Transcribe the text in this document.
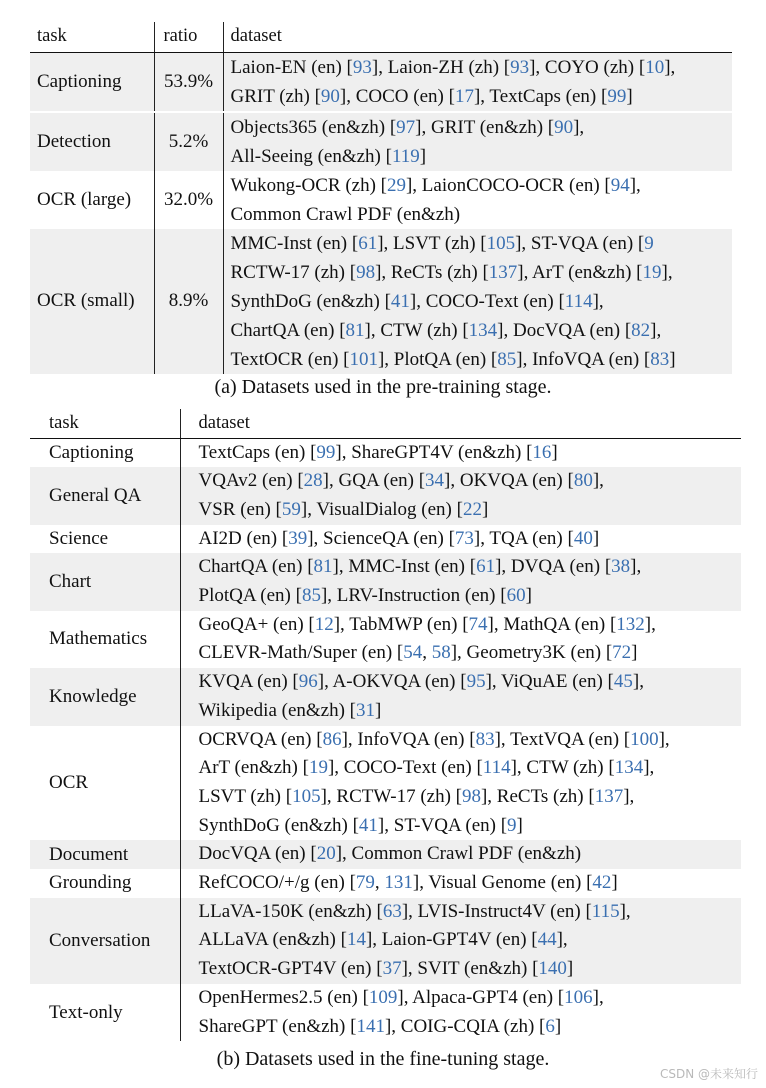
task	ratio	dataset
Captioning	53.9%	Laion-EN (en) [93], Laion-ZH (zh) [93], COYO (zh) [10],
GRIT (zh) [90], COCO (en) [17], TextCaps (en) [99]
Detection	5.2%	Objects365 (en&zh) [97], GRIT (en&zh) [90],
All-Seeing (en&zh) [119]
OCR (large)	32.0%	Wukong-OCR (zh) [29], LaionCOCO-OCR (en) [94],
Common Crawl PDF (en&zh)
OCR (small)	8.9%	MMC-Inst (en) [61], LSVT (zh) [105], ST-VQA (en) [9
RCTW-17 (zh) [98], ReCTs (zh) [137], ArT (en&zh) [19],
SynthDoG (en&zh) [41], COCO-Text (en) [114],
ChartQA (en) [81], CTW (zh) [134], DocVQA (en) [82],
TextOCR (en) [101], PlotQA (en) [85], InfoVQA (en) [83]
(a) Datasets used in the pre-training stage.
task	dataset
Captioning	TextCaps (en) [99], ShareGPT4V (en&zh) [16]
General QA	VQAv2 (en) [28], GQA (en) [34], OKVQA (en) [80],
VSR (en) [59], VisualDialog (en) [22]
Science	AI2D (en) [39], ScienceQA (en) [73], TQA (en) [40]
Chart	ChartQA (en) [81], MMC-Inst (en) [61], DVQA (en) [38],
PlotQA (en) [85], LRV-Instruction (en) [60]
Mathematics	GeoQA+ (en) [12], TabMWP (en) [74], MathQA (en) [132],
CLEVR-Math/Super (en) [54, 58], Geometry3K (en) [72]
Knowledge	KVQA (en) [96], A-OKVQA (en) [95], ViQuAE (en) [45],
Wikipedia (en&zh) [31]
OCR	OCRVQA (en) [86], InfoVQA (en) [83], TextVQA (en) [100],
ArT (en&zh) [19], COCO-Text (en) [114], CTW (zh) [134],
LSVT (zh) [105], RCTW-17 (zh) [98], ReCTs (zh) [137],
SynthDoG (en&zh) [41], ST-VQA (en) [9]
Document	DocVQA (en) [20], Common Crawl PDF (en&zh)
Grounding	RefCOCO/+/g (en) [79, 131], Visual Genome (en) [42]
Conversation	LLaVA-150K (en&zh) [63], LVIS-Instruct4V (en) [115],
ALLaVA (en&zh) [14], Laion-GPT4V (en) [44],
TextOCR-GPT4V (en) [37], SVIT (en&zh) [140]
Text-only	OpenHermes2.5 (en) [109], Alpaca-GPT4 (en) [106],
ShareGPT (en&zh) [141], COIG-CQIA (zh) [6]
(b) Datasets used in the fine-tuning stage.
CSDN @未来知行
